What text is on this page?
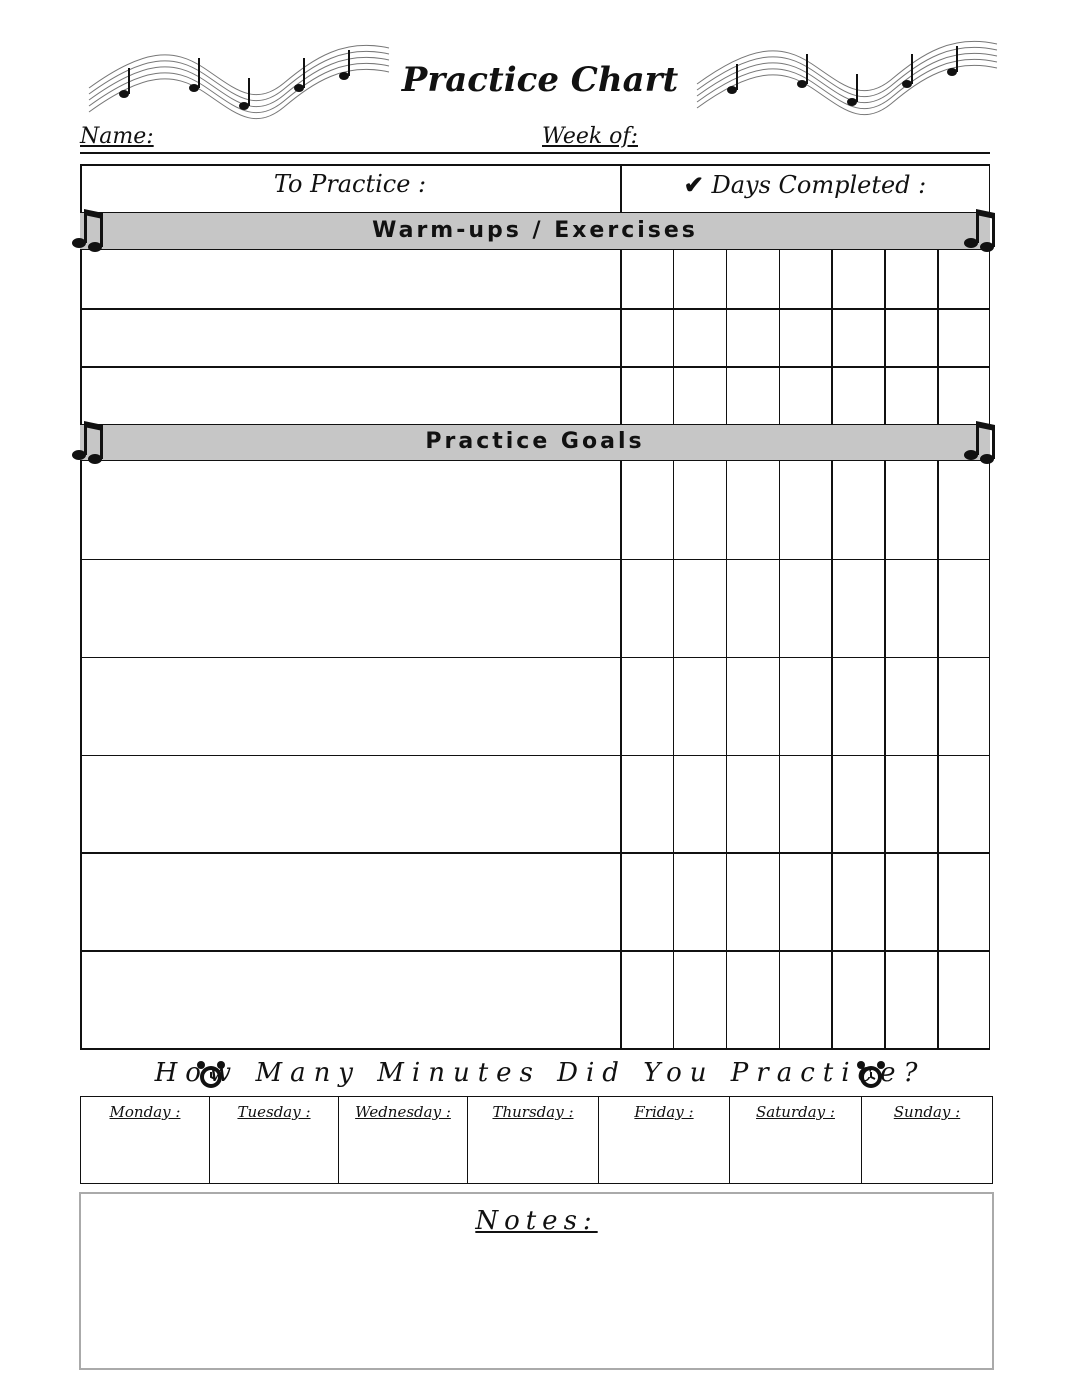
Practice Chart
Name:	Week of:
To Practice :	✔ Days Completed :
Warm-ups / Exercises
Practice Goals
How Many Minutes Did You Practice?
Monday :	Tuesday :	Wednesday :	Thursday :	Friday :	Saturday :	Sunday :
Notes:
